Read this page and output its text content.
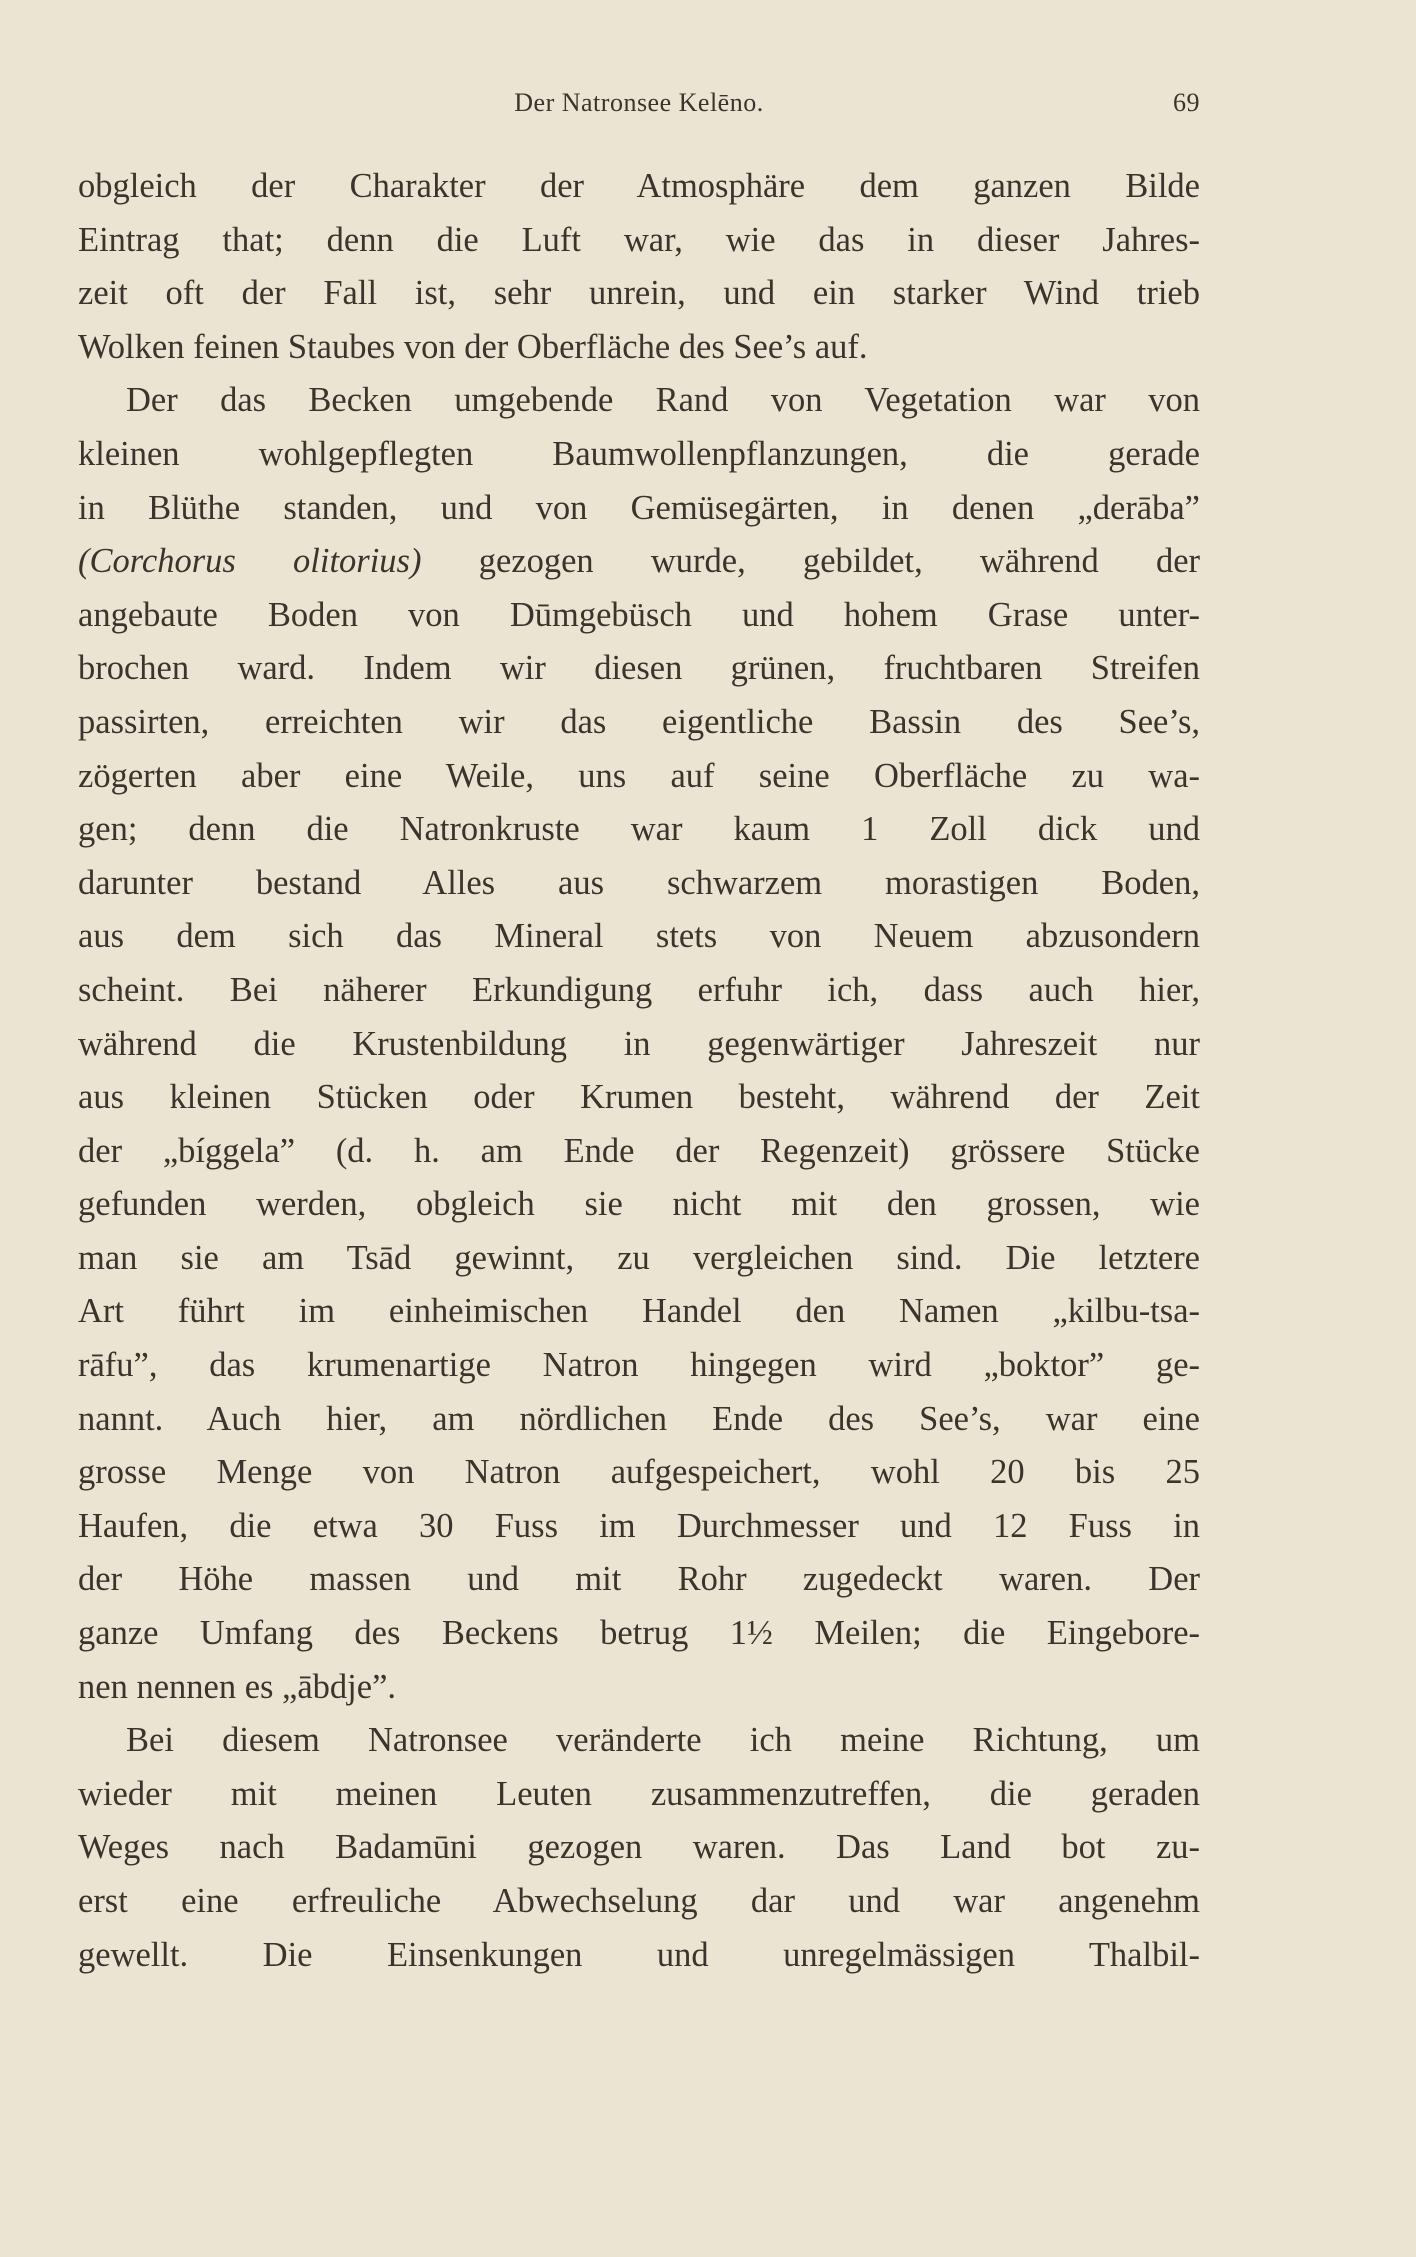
Der Natronsee Kelēno.	69
obgleich der Charakter der Atmosphäre dem ganzen Bilde
Eintrag that; denn die Luft war, wie das in dieser Jahres-
zeit oft der Fall ist, sehr unrein, und ein starker Wind trieb
Wolken feinen Staubes von der Oberfläche des See’s auf.
Der das Becken umgebende Rand von Vegetation war von
kleinen wohlgepflegten Baumwollenpflanzungen, die gerade
in Blüthe standen, und von Gemüsegärten, in denen „derāba”
(Corchorus olitorius) gezogen wurde, gebildet, während der
angebaute Boden von Dūmgebüsch und hohem Grase unter-
brochen ward. Indem wir diesen grünen, fruchtbaren Streifen
passirten, erreichten wir das eigentliche Bassin des See’s,
zögerten aber eine Weile, uns auf seine Oberfläche zu wa-
gen; denn die Natronkruste war kaum 1 Zoll dick und
darunter bestand Alles aus schwarzem morastigen Boden,
aus dem sich das Mineral stets von Neuem abzusondern
scheint. Bei näherer Erkundigung erfuhr ich, dass auch hier,
während die Krustenbildung in gegenwärtiger Jahreszeit nur
aus kleinen Stücken oder Krumen besteht, während der Zeit
der „bíggela” (d. h. am Ende der Regenzeit) grössere Stücke
gefunden werden, obgleich sie nicht mit den grossen, wie
man sie am Tsād gewinnt, zu vergleichen sind. Die letztere
Art führt im einheimischen Handel den Namen „kilbu-tsa-
rāfu”, das krumenartige Natron hingegen wird „boktor” ge-
nannt. Auch hier, am nördlichen Ende des See’s, war eine
grosse Menge von Natron aufgespeichert, wohl 20 bis 25
Haufen, die etwa 30 Fuss im Durchmesser und 12 Fuss in
der Höhe massen und mit Rohr zugedeckt waren. Der
ganze Umfang des Beckens betrug 1½ Meilen; die Eingebore-
nen nennen es „ābdje”.
Bei diesem Natronsee veränderte ich meine Richtung, um
wieder mit meinen Leuten zusammenzutreffen, die geraden
Weges nach Badamūni gezogen waren. Das Land bot zu-
erst eine erfreuliche Abwechselung dar und war angenehm
gewellt. Die Einsenkungen und unregelmässigen Thalbil-
